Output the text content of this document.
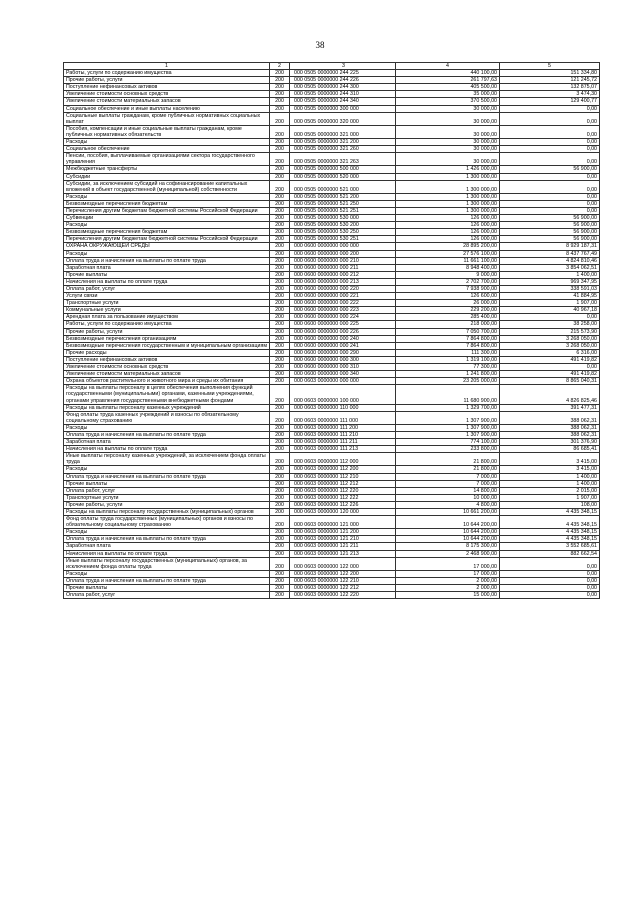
38
1	2	3	4	5
Работы, услуги по содержанию имущества	200	000 0505 0000000 244 225	440 100,00	151 334,80
Прочие работы, услуги	200	000 0505 0000000 244 226	261 797,63	121 245,72
Поступление нефинансовых активов	200	000 0505 0000000 244 300	405 500,00	132 875,07
Увеличение стоимости основных средств	200	000 0505 0000000 244 310	35 000,00	3 474,30
Увеличение стоимости материальных запасов	200	000 0505 0000000 244 340	370 500,00	129 400,77
Социальное обеспечение и иные выплаты населению	200	000 0505 0000000 300 000	30 000,00	0,00
Социальные выплаты гражданам, кроме публичных нормативных социальных выплат	200	000 0505 0000000 320 000	30 000,00	0,00
Пособия, компенсации и иные социальные выплаты гражданам, кроме публичных нормативных обязательств	200	000 0505 0000000 321 000	30 000,00	0,00
Расходы	200	000 0505 0000000 321 200	30 000,00	0,00
Социальное обеспечение	200	000 0505 0000000 321 260	30 000,00	0,00
Пенсии, пособия, выплачиваемые организациями сектора государственного управления	200	000 0505 0000000 321 263	30 000,00	0,00
Межбюджетные трансферты	200	000 0505 0000000 500 000	1 426 000,00	56 900,00
Субсидии	200	000 0505 0000000 520 000	1 300 000,00	0,00
Субсидии, за исключением субсидий на софинансирование капитальных вложений в объект государственной (муниципальной) собственности	200	000 0505 0000000 521 000	1 300 000,00	0,00
Расходы	200	000 0505 0000000 521 200	1 300 000,00	0,00
Безвозмездные перечисления бюджетам	200	000 0505 0000000 521 250	1 300 000,00	0,00
Перечисления другим бюджетам бюджетной системы Российской Федерации	200	000 0505 0000000 521 251	1 300 000,00	0,00
Субвенции	200	000 0505 0000000 530 000	126 000,00	56 900,00
Расходы	200	000 0505 0000000 530 200	126 000,00	56 900,00
Безвозмездные перечисления бюджетам	200	000 0505 0000000 530 250	126 000,00	56 900,00
Перечисления другим бюджетам бюджетной системы Российской Федерации	200	000 0505 0000000 530 251	126 000,00	56 900,00
ОХРАНА ОКРУЖАЮЩЕЙ СРЕДЫ	200	000 0600 0000000 000 000	28 895 200,00	8 929 187,31
Расходы	200	000 0600 0000000 000 200	27 576 100,00	8 437 767,49
Оплата труда и начисления на выплаты по оплате труда	200	000 0600 0000000 000 210	11 661 100,00	4 824 810,46
Заработная плата	200	000 0600 0000000 000 211	8 948 400,00	3 854 062,51
Прочие выплаты	200	000 0600 0000000 000 212	9 000,00	1 400,00
Начисления на выплаты по оплате труда	200	000 0600 0000000 000 213	2 702 700,00	969 347,95
Оплата работ, услуг	200	000 0600 0000000 000 220	7 938 900,00	338 591,03
Услуги связи	200	000 0600 0000000 000 221	126 600,00	41 884,95
Транспортные услуги	200	000 0600 0000000 000 222	26 000,00	1 907,00
Коммунальные услуги	200	000 0600 0000000 000 223	229 200,00	40 967,18
Арендная плата за пользование имуществом	200	000 0600 0000000 000 224	285 400,00	0,00
Работы, услуги по содержанию имущества	200	000 0600 0000000 000 225	218 000,00	38 258,00
Прочие работы, услуги	200	000 0600 0000000 000 226	7 050 700,00	215 573,90
Безвозмездные перечисления организациям	200	000 0600 0000000 000 240	7 864 800,00	3 268 050,00
Безвозмездные перечисления государственным и муниципальным организациям	200	000 0600 0000000 000 241	7 864 800,00	3 268 050,00
Прочие расходы	200	000 0600 0000000 000 290	111 300,00	6 316,00
Поступление нефинансовых активов	200	000 0600 0000000 000 300	1 319 100,00	491 419,82
Увеличение стоимости основных средств	200	000 0600 0000000 000 310	77 300,00	0,00
Увеличение стоимости материальных запасов	200	000 0600 0000000 000 340	1 241 800,00	491 419,82
Охрана объектов растительного и животного мира и среды их обитания	200	000 0603 0000000 000 000	23 205 000,00	8 865 040,31
Расходы на выплаты персоналу в целях обеспечения выполнения функций государственными (муниципальными) органами, казенными учреждениями, органами управления государственными внебюджетными фондами	200	000 0603 0000000 100 000	11 680 900,00	4 826 825,46
Расходы на выплаты персоналу казенных учреждений	200	000 0603 0000000 110 000	1 329 700,00	391 477,31
Фонд оплаты труда казенных учреждений и взносы по обязательному социальному страхованию	200	000 0603 0000000 111 000	1 307 900,00	388 062,31
Расходы	200	000 0603 0000000 111 200	1 307 900,00	388 062,31
Оплата труда и начисления на выплаты по оплате труда	200	000 0603 0000000 111 210	1 307 900,00	388 062,31
Заработная плата	200	000 0603 0000000 111 211	774 100,00	301 376,90
Начисления на выплаты по оплате труда	200	000 0603 0000000 111 213	233 800,00	86 685,41
Иные выплаты персоналу казенных учреждений, за исключением фонда оплаты труда	200	000 0603 0000000 112 000	21 800,00	3 415,00
Расходы	200	000 0603 0000000 112 200	21 800,00	3 415,00
Оплата труда и начисления на выплаты по оплате труда	200	000 0603 0000000 112 210	7 000,00	1 400,00
Прочие выплаты	200	000 0603 0000000 112 212	7 000,00	1 400,00
Оплата работ, услуг	200	000 0603 0000000 112 220	14 800,00	2 015,00
Транспортные услуги	200	000 0603 0000000 112 222	10 000,00	1 907,00
Прочие работы, услуги	200	000 0603 0000000 112 226	4 800,00	108,00
Расходы на выплаты персоналу государственных (муниципальных) органов	200	000 0603 0000000 120 000	10 661 200,00	4 435 348,15
Фонд оплаты труда государственных (муниципальных) органов и взносы по обязательному социальному страхованию	200	000 0603 0000000 121 000	10 644 200,00	4 435 348,15
Расходы	200	000 0603 0000000 121 200	10 644 200,00	4 435 348,15
Оплата труда и начисления на выплаты по оплате труда	200	000 0603 0000000 121 210	10 644 200,00	4 435 348,15
Заработная плата	200	000 0603 0000000 121 211	8 175 300,00	3 552 685,61
Начисления на выплаты по оплате труда	200	000 0603 0000000 121 213	2 468 900,00	882 662,54
Иные выплаты персоналу государственных (муниципальных) органов, за исключением фонда оплаты труда	200	000 0603 0000000 122 000	17 000,00	0,00
Расходы	200	000 0603 0000000 122 200	17 000,00	0,00
Оплата труда и начисления на выплаты по оплате труда	200	000 0603 0000000 122 210	2 000,00	0,00
Прочие выплаты	200	000 0603 0000000 122 212	2 000,00	0,00
Оплата работ, услуг	200	000 0603 0000000 122 220	15 000,00	0,00
